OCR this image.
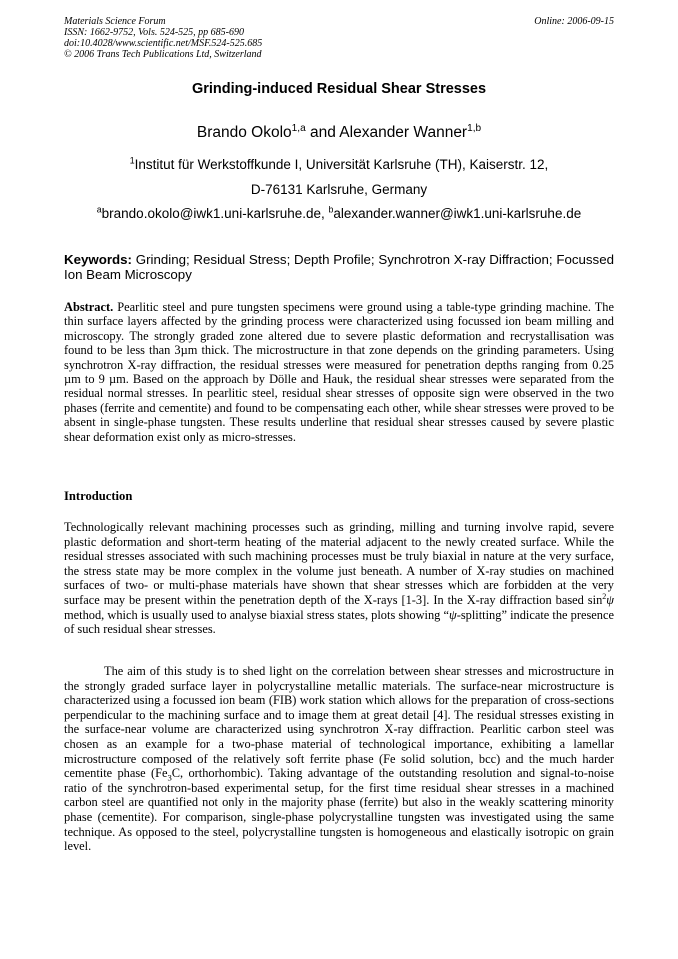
Materials Science Forum
ISSN: 1662-9752, Vols. 524-525, pp 685-690
doi:10.4028/www.scientific.net/MSF.524-525.685
© 2006 Trans Tech Publications Ltd, Switzerland
Online: 2006-09-15
Grinding-induced Residual Shear Stresses
Brando Okolo$^{1,a}$ and Alexander Wanner$^{1,b}$
$^1$Institut für Werkstoffkunde I, Universität Karlsruhe (TH), Kaiserstr. 12,
D-76131 Karlsruhe, Germany
$^a$brando.okolo@iwk1.uni-karlsruhe.de, $^b$alexander.wanner@iwk1.uni-karlsruhe.de
Keywords: Grinding; Residual Stress; Depth Profile; Synchrotron X-ray Diffraction; Focussed Ion Beam Microscopy
Abstract. Pearlitic steel and pure tungsten specimens were ground using a table-type grinding machine. The thin surface layers affected by the grinding process were characterized using focussed ion beam milling and microscopy. The strongly graded zone altered due to severe plastic deformation and recrystallisation was found to be less than 3µm thick. The microstructure in that zone depends on the grinding parameters. Using synchrotron X-ray diffraction, the residual stresses were measured for penetration depths ranging from 0.25 µm to 9 µm. Based on the approach by Dölle and Hauk, the residual shear stresses were separated from the residual normal stresses. In pearlitic steel, residual shear stresses of opposite sign were observed in the two phases (ferrite and cementite) and found to be compensating each other, while shear stresses were proved to be absent in single-phase tungsten. These results underline that residual shear stresses caused by severe plastic shear deformation exist only as micro-stresses.
Introduction
Technologically relevant machining processes such as grinding, milling and turning involve rapid, severe plastic deformation and short-term heating of the material adjacent to the newly created surface. While the residual stresses associated with such machining processes must be truly biaxial in nature at the very surface, the stress state may be more complex in the volume just beneath. A number of X-ray studies on machined surfaces of two- or multi-phase materials have shown that shear stresses which are forbidden at the very surface may be present within the penetration depth of the X-rays [1-3]. In the X-ray diffraction based $\sin^2\psi$ method, which is usually used to analyse biaxial stress states, plots showing “ψ-splitting” indicate the presence of such residual shear stresses.
The aim of this study is to shed light on the correlation between shear stresses and microstructure in the strongly graded surface layer in polycrystalline metallic materials. The surface-near microstructure is characterized using a focussed ion beam (FIB) work station which allows for the preparation of cross-sections perpendicular to the machining surface and to image them at great detail [4]. The residual stresses existing in the surface-near volume are characterized using synchrotron X-ray diffraction. Pearlitic carbon steel was chosen as an example for a two-phase material of technological importance, exhibiting a lamellar microstructure composed of the relatively soft ferrite phase (Fe solid solution, bcc) and the much harder cementite phase ($Fe_3C$, orthorhombic). Taking advantage of the outstanding resolution and signal-to-noise ratio of the synchrotron-based experimental setup, for the first time residual shear stresses in a machined carbon steel are quantified not only in the majority phase (ferrite) but also in the weakly scattering minority phase (cementite). For comparison, single-phase polycrystalline tungsten was investigated using the same technique. As opposed to the steel, polycrystalline tungsten is homogeneous and elastically isotropic on grain level.
